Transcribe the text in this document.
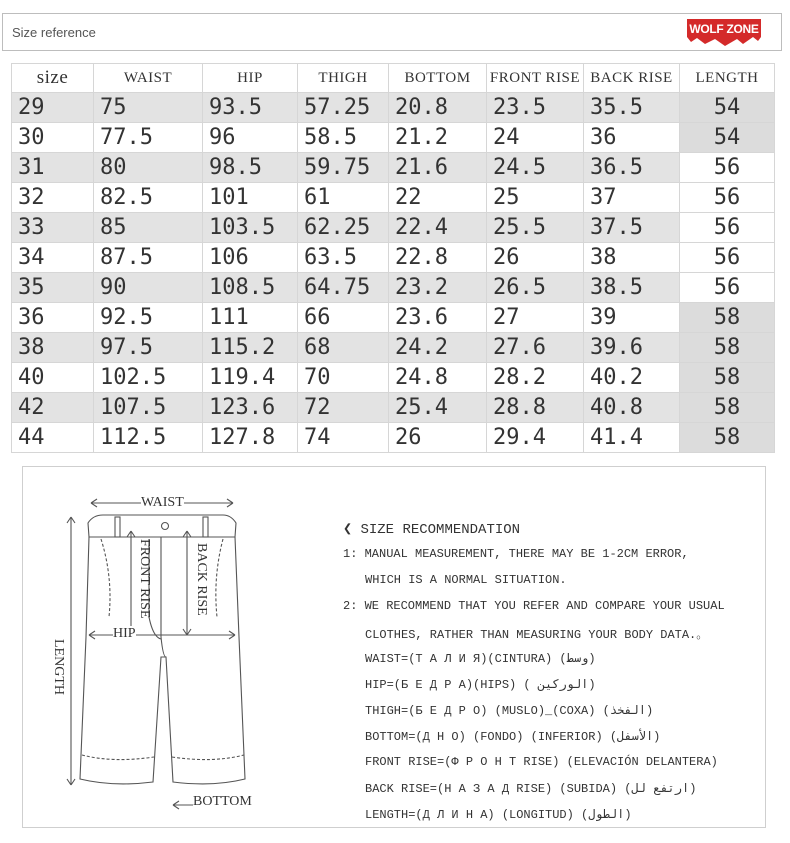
Size reference	WOLF ZONE
size	WAIST	HIP	THIGH	BOTTOM	FRONT RISE	BACK RISE	LENGTH
29	75	93.5	57.25	20.8	23.5	35.5	54
30	77.5	96	58.5	21.2	24	36	54
31	80	98.5	59.75	21.6	24.5	36.5	56
32	82.5	101	61	22	25	37	56
33	85	103.5	62.25	22.4	25.5	37.5	56
34	87.5	106	63.5	22.8	26	38	56
35	90	108.5	64.75	23.2	26.5	38.5	56
36	92.5	111	66	23.6	27	39	58
38	97.5	115.2	68	24.2	27.6	39.6	58
40	102.5	119.4	70	24.8	28.2	40.2	58
42	107.5	123.6	72	25.4	28.8	40.8	58
44	112.5	127.8	74	26	29.4	41.4	58
WAIST
FRONT RISE	BACK RISE
HIP
LENGTH
BOTTOM
❮ SIZE RECOMMENDATION
1: MANUAL MEASUREMENT, THERE MAY BE 1-2CM ERROR,
WHICH IS A NORMAL SITUATION.
2: WE RECOMMEND THAT YOU REFER AND COMPARE YOUR USUAL
CLOTHES, RATHER THAN MEASURING YOUR BODY DATA.。
WAIST=(Т А Л И Я)(CINTURA) (وسط)
HIP=(Б Е Д Р А)(HIPS) ( الوركين)
THIGH=(Б Е Д Р О) (MUSLO)_(COXA) (الفخذ)
BOTTOM=(Д Н О) (FONDO) (INFERIOR) (الأسفل)
FRONT RISE=(Ф Р О Н Т RISE) (ELEVACIÓN DELANTERA)
BACK RISE=(Н А З А Д RISE) (SUBIDA) (ارتفع لل)
LENGTH=(Д Л И Н А) (LONGITUD) (الطول)
